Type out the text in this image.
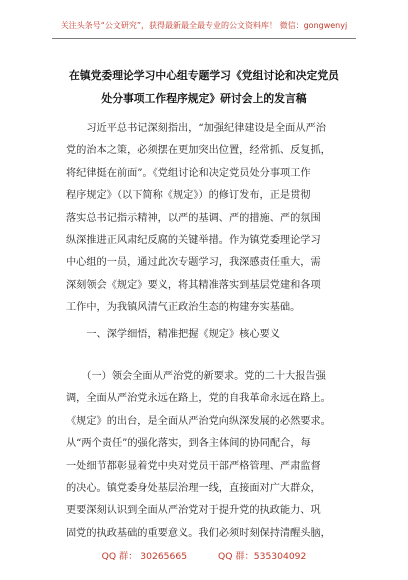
关注头条号“公文研究”，获得最新最全最专业的公文资料库！ 微信：gongwenyj
在镇党委理论学习中心组专题学习《党组讨论和决定党员
处分事项工作程序规定》研讨会上的发言稿
　　习近平总书记深刻指出，“加强纪律建设是全面从严治
党的治本之策，必须摆在更加突出位置，经常抓、反复抓，
将纪律挺在前面”。《党组讨论和决定党员处分事项工作
程序规定》（以下简称《规定》）的修订发布，正是贯彻
落实总书记指示精神，以严的基调、严的措施、严的氛围
纵深推进正风肃纪反腐的关键举措。作为镇党委理论学习
中心组的一员，通过此次专题学习，我深感责任重大，需
深刻领会《规定》要义，将其精准落实到基层党建和各项
工作中，为我镇风清气正政治生态的构建夯实基础。
　　一、深学细悟，精准把握《规定》核心要义
　　（一）领会全面从严治党的新要求。党的二十大报告强
调，全面从严治党永远在路上，党的自我革命永远在路上。
《规定》的出台，是全面从严治党向纵深发展的必然要求。
从“两个责任”的强化落实，到各主体间的协同配合，每
一处细节都彰显着党中央对党员干部严格管理、严肃监督
的决心。镇党委身处基层治理一线，直接面对广大群众，
更要深刻认识到全面从严治党对于提升党的执政能力、巩
固党的执政基础的重要意义。我们必须时刻保持清醒头脑，
QQ 群： 30265665	QQ 群：535304092
